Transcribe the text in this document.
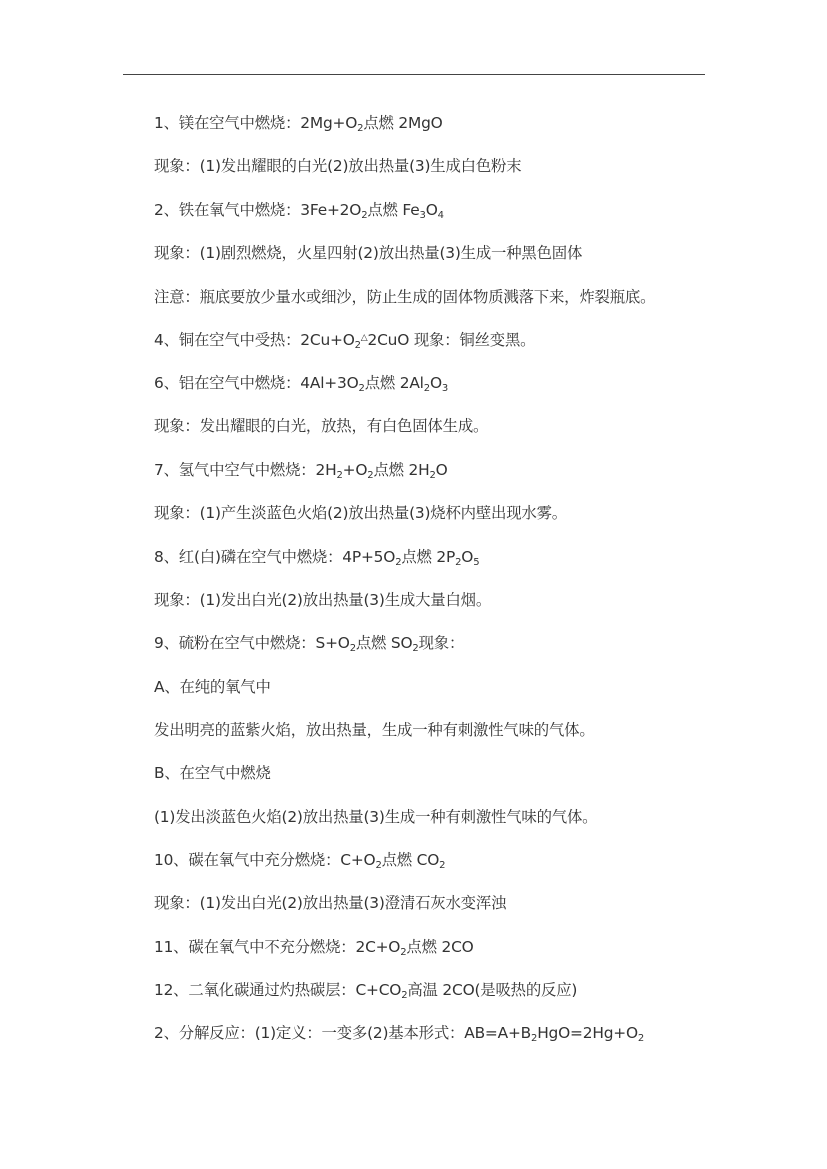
1、镁在空气中燃烧：$2Mg+O_2$点燃 2MgO
现象：(1)发出耀眼的白光(2)放出热量(3)生成白色粉末
2、铁在氧气中燃烧：$3Fe+2O_2$点燃 $Fe_3O_4$
现象：(1)剧烈燃烧，火星四射(2)放出热量(3)生成一种黑色固体
注意：瓶底要放少量水或细沙，防止生成的固体物质溅落下来，炸裂瓶底。
4、铜在空气中受热：$2Cu+O_2^\triangle 2CuO$ 现象：铜丝变黑。
6、铝在空气中燃烧：$4Al+3O_2$点燃 $2Al_2O_3$
现象：发出耀眼的白光，放热，有白色固体生成。
7、氢气中空气中燃烧：$2H_2+O_2$点燃 $2H_2O$
现象：(1)产生淡蓝色火焰(2)放出热量(3)烧杯内壁出现水雾。
8、红(白)磷在空气中燃烧：$4P+5O_2$点燃 $2P_2O_5$
现象：(1)发出白光(2)放出热量(3)生成大量白烟。
9、硫粉在空气中燃烧：$S+O_2$点燃 $SO_2$现象：
A、在纯的氧气中
发出明亮的蓝紫火焰，放出热量，生成一种有刺激性气味的气体。
B、在空气中燃烧
(1)发出淡蓝色火焰(2)放出热量(3)生成一种有刺激性气味的气体。
10、碳在氧气中充分燃烧：$C+O_2$点燃 $CO_2$
现象：(1)发出白光(2)放出热量(3)澄清石灰水变浑浊
11、碳在氧气中不充分燃烧：$2C+O_2$点燃 2CO
12、二氧化碳通过灼热碳层：$C+CO_2$高温 2CO(是吸热的反应)
2、分解反应：(1)定义：一变多(2)基本形式：$AB=A+B_2HgO=2Hg+O_2$
